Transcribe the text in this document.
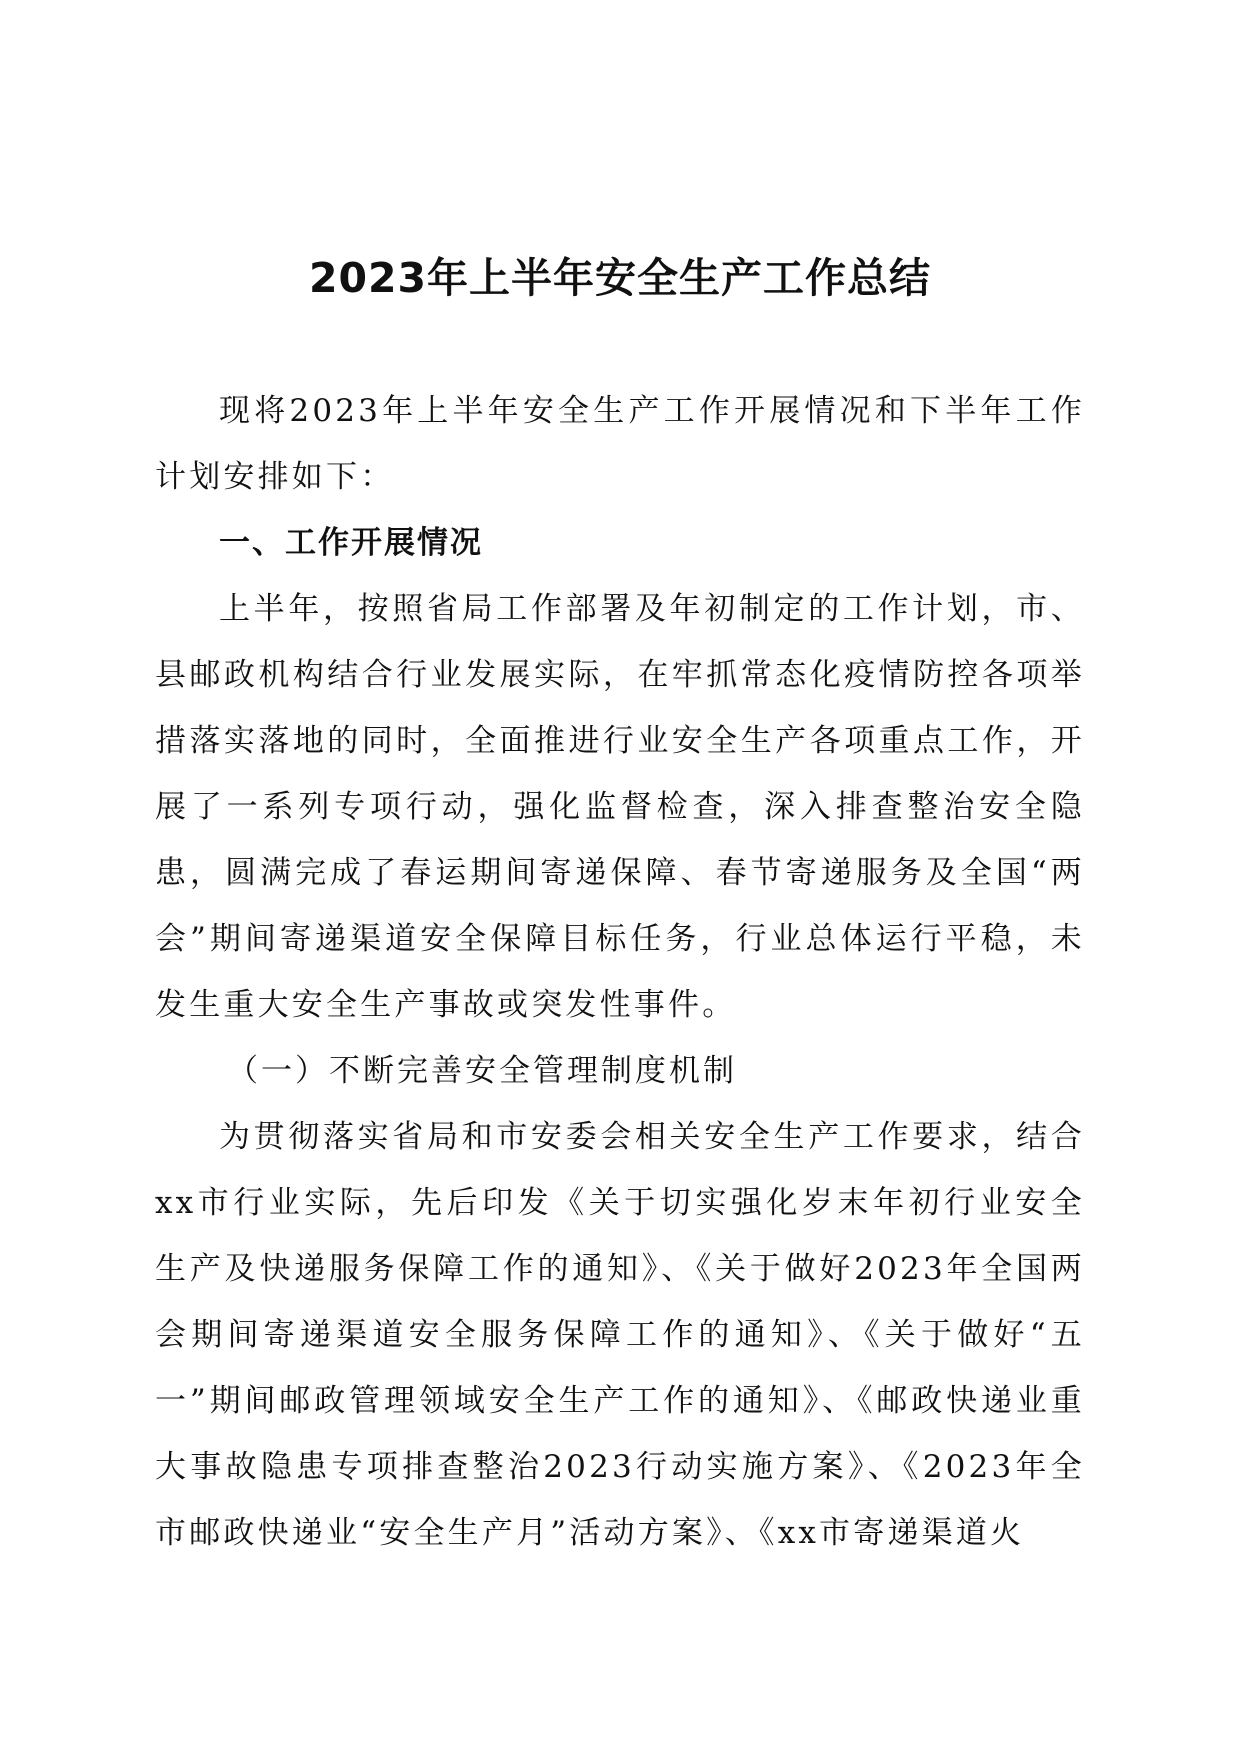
2023年上半年安全生产工作总结

现将2023年上半年安全生产工作开展情况和下半年工作计划安排如下：

一、工作开展情况

上半年，按照省局工作部署及年初制定的工作计划，市、县邮政机构结合行业发展实际，在牢抓常态化疫情防控各项举措落实落地的同时，全面推进行业安全生产各项重点工作，开展了一系列专项行动，强化监督检查，深入排查整治安全隐患，圆满完成了春运期间寄递保障、春节寄递服务及全国“两会”期间寄递渠道安全保障目标任务，行业总体运行平稳，未发生重大安全生产事故或突发性事件。

（一）不断完善安全管理制度机制

为贯彻落实省局和市安委会相关安全生产工作要求，结合xx市行业实际，先后印发《关于切实强化岁末年初行业安全生产及快递服务保障工作的通知》、《关于做好2023年全国两会期间寄递渠道安全服务保障工作的通知》、《关于做好“五一”期间邮政管理领域安全生产工作的通知》、《邮政快递业重大事故隐患专项排查整治2023行动实施方案》、《2023年全市邮政快递业“安全生产月”活动方案》、《xx市寄递渠道火
